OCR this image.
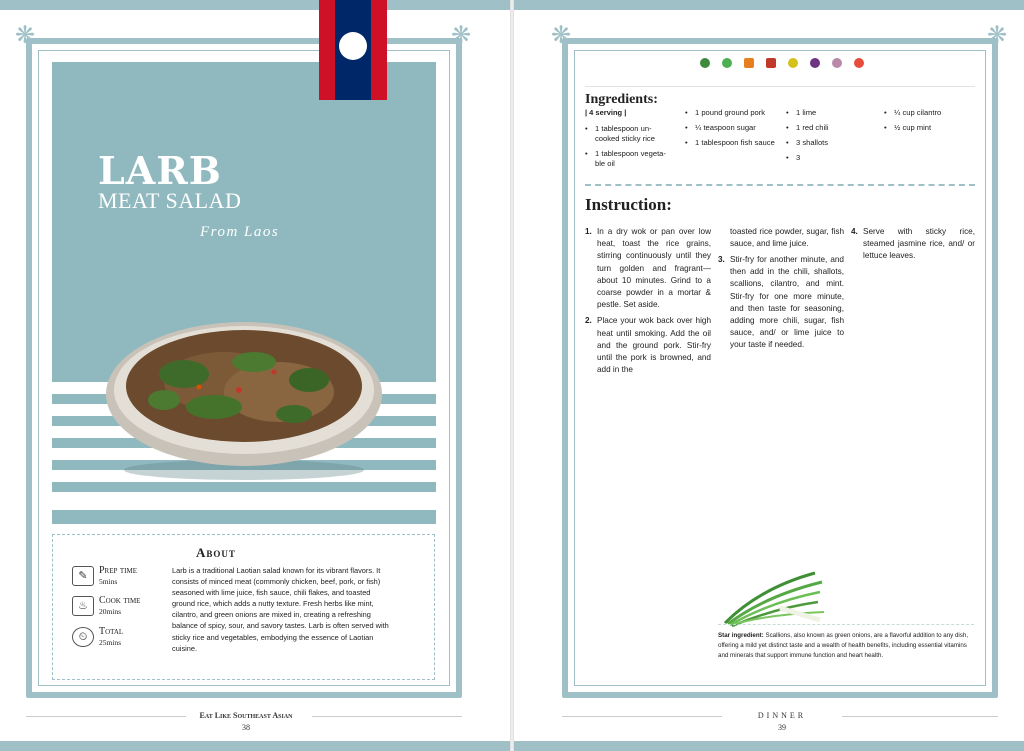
❋	❋
LARB
MEAT SALAD
From Laos
About
Larb is a traditional Laotian salad known for its vibrant flavors. It consists of minced meat (commonly chicken, beef, pork, or fish) seasoned with lime juice, fish sauce, chili flakes, and toasted ground rice, which adds a nutty texture. Fresh herbs like mint, cilantro, and green onions are mixed in, creating a refreshing balance of spicy, sour, and savory tastes. Larb is often served with sticky rice and vegetables, embodying the essence of Laotian cuisine.
✎	Prep time
5mins
♨	Cook time
20mins
⏲	Total
25mins
Eat Like Southeast Asian
38
❋	❋
Ingredients:
| 4 serving |
• 1 tablespoon un-cooked sticky rice
• 1 tablespoon vegeta-ble oil
• 1 pound ground pork
• ¼ teaspoon sugar
• 1 tablespoon fish sauce
• 1 lime
• 1 red chili
• 3 shallots
• 3
• ¼ cup cilantro
• ½ cup mint
Instruction:
1. In a dry wok or pan over low heat, toast the rice grains, stirring continuously until they turn golden and fragrant—about 10 minutes. Grind to a coarse powder in a mortar & pestle. Set aside.
2. Place your wok back over high heat until smoking. Add the oil and the ground pork. Stir-fry until the pork is browned, and add in the
toasted rice powder, sugar, fish sauce, and lime juice.
3. Stir-fry for another minute, and then add in the chili, shallots, scallions, cilantro, and mint. Stir-fry for one more minute, and then taste for seasoning, adding more chili, sugar, fish sauce, and/ or lime juice to your taste if needed.
4. Serve with sticky rice, steamed jasmine rice, and/ or lettuce leaves.
Star ingredient: Scallions, also known as green onions, are a flavorful addition to any dish, offering a mild yet distinct taste and a wealth of health benefits, including essential vitamins and minerals that support immune function and heart health.
DINNER
39
